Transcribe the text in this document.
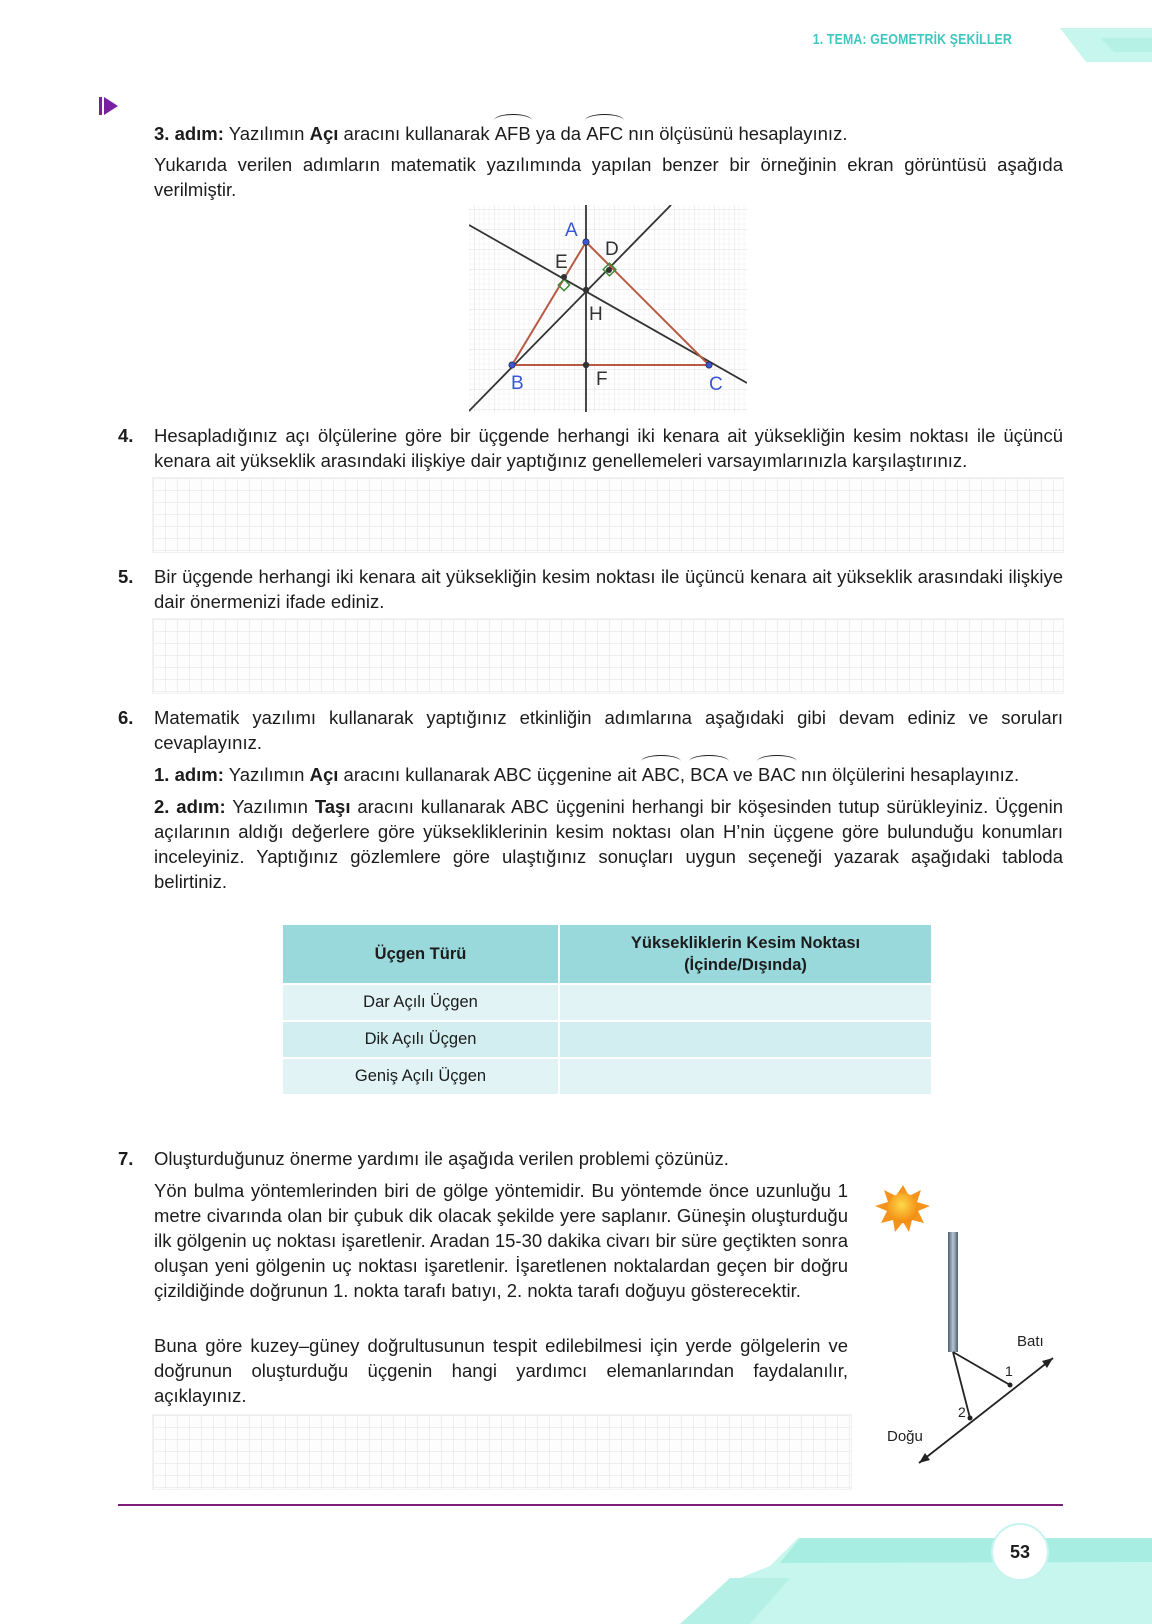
1. TEMA: GEOMETRİK ŞEKİLLER
3. adım: Yazılımın Açı aracını kullanarak AFB ya da AFC nın ölçüsünü hesaplayınız.
Yukarıda verilen adımların matematik yazılımında yapılan benzer bir örneğinin ekran görüntüsü aşağıda verilmiştir.
A
D
E
H
B	F	C
4. Hesapladığınız açı ölçülerine göre bir üçgende herhangi iki kenara ait yüksekliğin kesim noktası ile üçüncü kenara ait yükseklik arasındaki ilişkiye dair yaptığınız genellemeleri varsayımlarınızla karşılaştırınız.
5. Bir üçgende herhangi iki kenara ait yüksekliğin kesim noktası ile üçüncü kenara ait yükseklik arasındaki ilişkiye dair önermenizi ifade ediniz.
6. Matematik yazılımı kullanarak yaptığınız etkinliğin adımlarına aşağıdaki gibi devam ediniz ve soruları cevaplayınız.
1. adım: Yazılımın Açı aracını kullanarak ABC üçgenine ait ABC, BCA ve BAC nın ölçülerini hesaplayınız.
2. adım: Yazılımın Taşı aracını kullanarak ABC üçgenini herhangi bir köşesinden tutup sürükleyiniz. Üçgenin açılarının aldığı değerlere göre yüksekliklerinin kesim noktası olan H’nin üçgene göre bulunduğu konumları inceleyiniz. Yaptığınız gözlemlere göre ulaştığınız sonuçları uygun seçeneği yazarak aşağıdaki tabloda belirtiniz.
Üçgen Türü	Yüksekliklerin Kesim Noktası
(İçinde/Dışında)
Dar Açılı Üçgen	
Dik Açılı Üçgen	
Geniş Açılı Üçgen	
7. Oluşturduğunuz önerme yardımı ile aşağıda verilen problemi çözünüz.
Yön bulma yöntemlerinden biri de gölge yöntemidir. Bu yöntemde önce uzunluğu 1 metre civarında olan bir çubuk dik olacak şekilde yere saplanır. Güneşin oluşturduğu ilk gölgenin uç noktası işaretlenir. Aradan 15-30 dakika civarı bir süre geçtikten sonra oluşan yeni gölgenin uç noktası işaretlenir. İşaretlenen noktalardan geçen bir doğru çizildiğinde doğrunun 1. nokta tarafı batıyı, 2. nokta tarafı doğuyu gösterecektir.
Buna göre kuzey–güney doğrultusunun tespit edilebilmesi için yerde gölgelerin ve doğrunun oluşturduğu üçgenin hangi yardımcı elemanlarından faydalanılır, açıklayınız.
Batı
Doğu
1
2
53
